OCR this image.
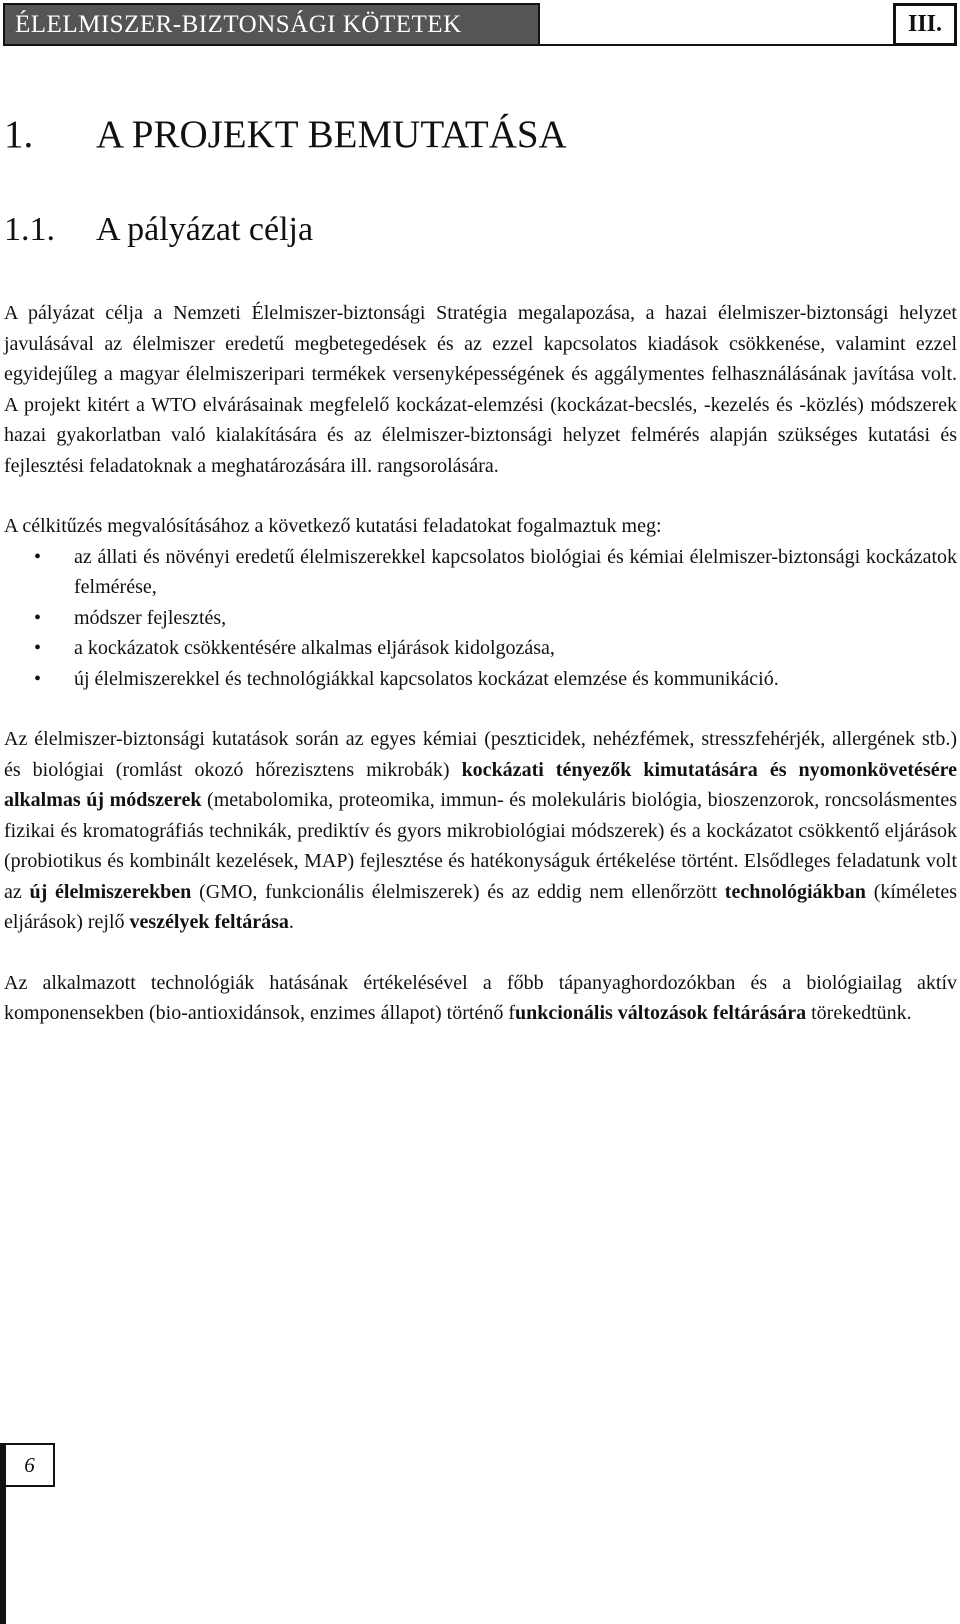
ÉLELMISZER-BIZTONSÁGI KÖTETEK	III.
1. A PROJEKT BEMUTATÁSA
1.1. A pályázat célja

A pályázat célja a Nemzeti Élelmiszer-biztonsági Stratégia megalapozása, a hazai élelmiszer-biztonsági helyzet javulásával az élelmiszer eredetű megbetegedések és az ezzel kapcsolatos kiadások csökkenése, valamint ezzel egyidejűleg a magyar élelmiszeripari termékek versenyképességének és aggálymentes felhasználásának javítása volt. A projekt kitért a WTO elvárásainak megfelelő kockázat-elemzési (kockázat-becslés, -kezelés és -közlés) módszerek hazai gyakorlatban való kialakítására és az élelmiszer-biztonsági helyzet felmérés alapján szükséges kutatási és fejlesztési feladatoknak a meghatározására ill. rangsorolására.

A célkitűzés megvalósításához a következő kutatási feladatokat fogalmaztuk meg:

• az állati és növényi eredetű élelmiszerekkel kapcsolatos biológiai és kémiai élelmiszer-biztonsági kockázatok felmérése,
• módszer fejlesztés,
• a kockázatok csökkentésére alkalmas eljárások kidolgozása,
• új élelmiszerekkel és technológiákkal kapcsolatos kockázat elemzése és kommunikáció.

Az élelmiszer-biztonsági kutatások során az egyes kémiai (peszticidek, nehézfémek, stresszfehérjék, allergének stb.) és biológiai (romlást okozó hőrezisztens mikrobák) kockázati tényezők kimutatására és nyomonkövetésére alkalmas új módszerek (metabolomika, proteomika, immun- és molekuláris biológia, bioszenzorok, roncsolásmentes fizikai és kromatográfiás technikák, prediktív és gyors mikrobiológiai módszerek) és a kockázatot csökkentő eljárások (probiotikus és kombinált kezelések, MAP) fejlesztése és hatékonyságuk értékelése történt. Elsődleges feladatunk volt az új élelmiszerekben (GMO, funkcionális élelmiszerek) és az eddig nem ellenőrzött technológiákban (kíméletes eljárások) rejlő veszélyek feltárása.

Az alkalmazott technológiák hatásának értékelésével a főbb tápanyaghordozókban és a biológiailag aktív komponensekben (bio-antioxidánsok, enzimes állapot) történő funkcionális változások feltárására törekedtünk.

6
